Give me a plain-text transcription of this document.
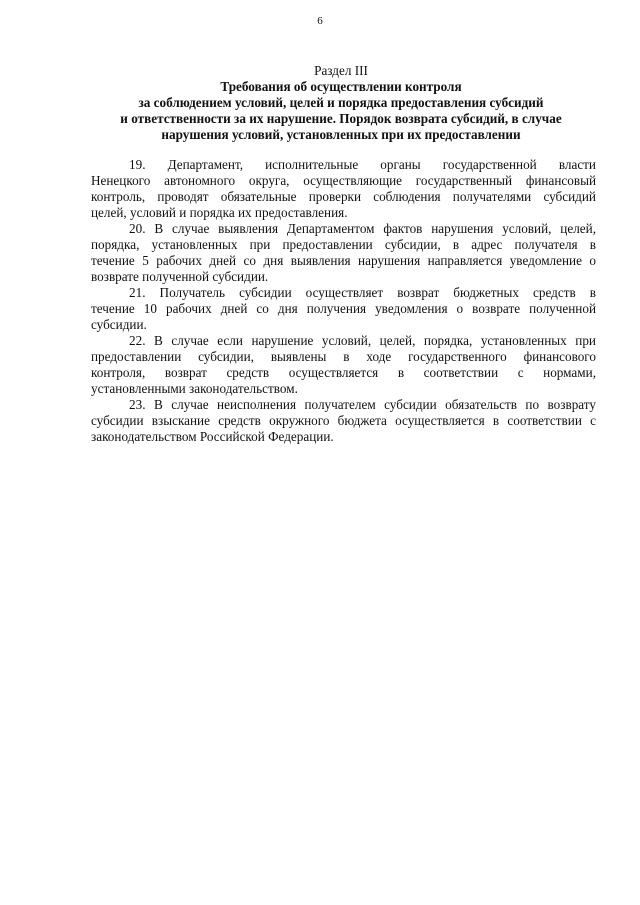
6
Раздел III
Требования об осуществлении контроля
за соблюдением условий, целей и порядка предоставления субсидий
и ответственности за их нарушение. Порядок возврата субсидий, в случае
нарушения условий, установленных при их предоставлении
19. Департамент, исполнительные органы государственной власти
Ненецкого автономного округа, осуществляющие государственный финансовый
контроль, проводят обязательные проверки соблюдения получателями субсидий
целей, условий и порядка их предоставления.
20. В случае выявления Департаментом фактов нарушения условий, целей,
порядка, установленных при предоставлении субсидии, в адрес получателя в
течение 5 рабочих дней со дня выявления нарушения направляется уведомление о
возврате полученной субсидии.
21. Получатель субсидии осуществляет возврат бюджетных средств в
течение 10 рабочих дней со дня получения уведомления о возврате полученной
субсидии.
22. В случае если нарушение условий, целей, порядка, установленных при
предоставлении субсидии, выявлены в ходе государственного финансового
контроля, возврат средств осуществляется в соответствии с нормами,
установленными законодательством.
23. В случае неисполнения получателем субсидии обязательств по возврату
субсидии взыскание средств окружного бюджета осуществляется в соответствии с
законодательством Российской Федерации.
